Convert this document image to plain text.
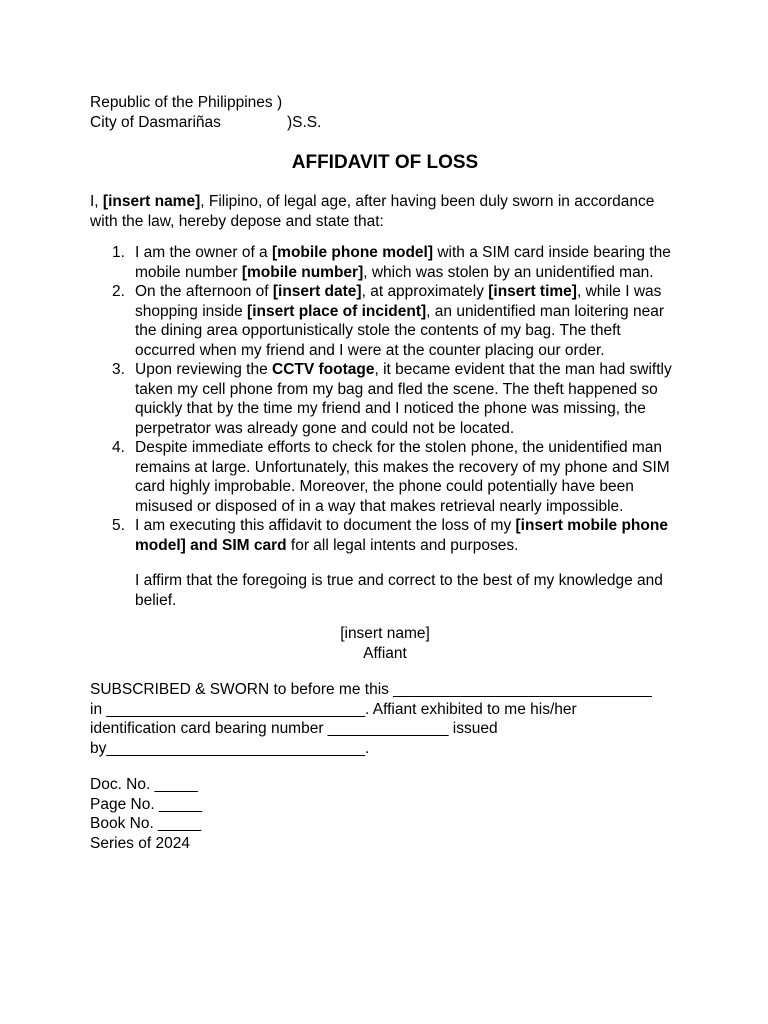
Republic of the Philippines )
City of Dasmariñas	)S.S.
AFFIDAVIT OF LOSS
I, [insert name], Filipino, of legal age, after having been duly sworn in accordance with the law, hereby depose and state that:
1. I am the owner of a [mobile phone model] with a SIM card inside bearing the mobile number [mobile number], which was stolen by an unidentified man.
2. On the afternoon of [insert date], at approximately [insert time], while I was shopping inside [insert place of incident], an unidentified man loitering near the dining area opportunistically stole the contents of my bag. The theft occurred when my friend and I were at the counter placing our order.
3. Upon reviewing the CCTV footage, it became evident that the man had swiftly taken my cell phone from my bag and fled the scene. The theft happened so quickly that by the time my friend and I noticed the phone was missing, the perpetrator was already gone and could not be located.
4. Despite immediate efforts to check for the stolen phone, the unidentified man remains at large. Unfortunately, this makes the recovery of my phone and SIM card highly improbable. Moreover, the phone could potentially have been misused or disposed of in a way that makes retrieval nearly impossible.
5. I am executing this affidavit to document the loss of my [insert mobile phone model] and SIM card for all legal intents and purposes.
I affirm that the foregoing is true and correct to the best of my knowledge and belief.
[insert name]
Affiant
SUBSCRIBED & SWORN to before me this ______________________________
in ______________________________. Affiant exhibited to me his/her
identification card bearing number ______________ issued
by______________________________.
Doc. No. _____
Page No. _____
Book No. _____
Series of 2024
